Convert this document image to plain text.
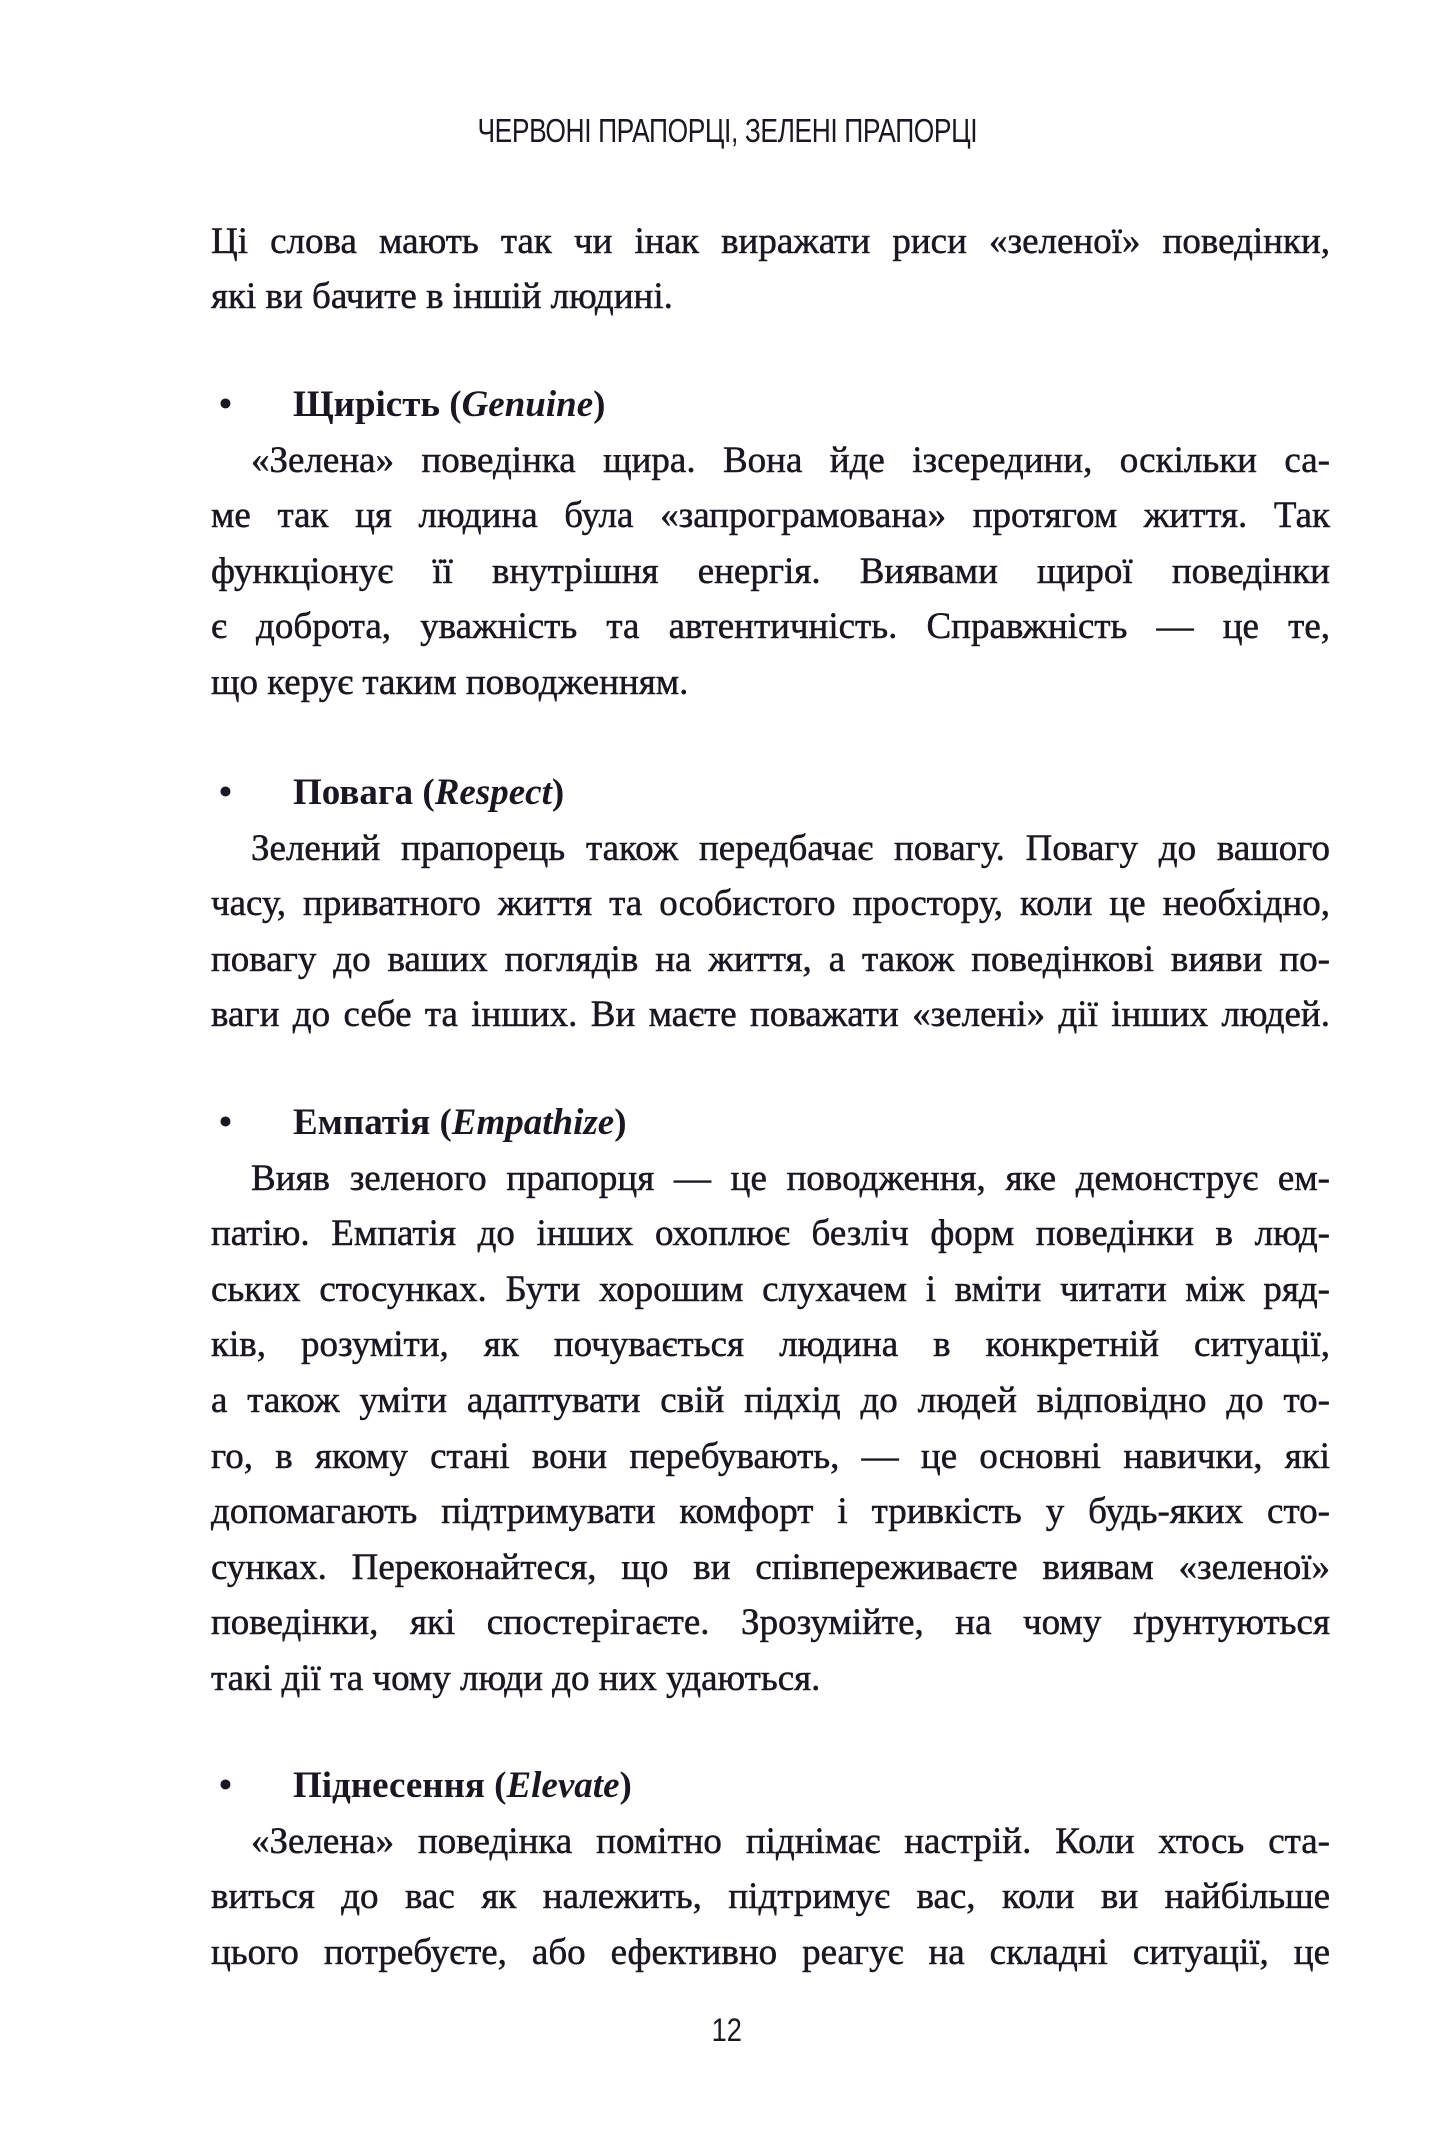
ЧЕРВОНІ ПРАПОРЦІ, ЗЕЛЕНІ ПРАПОРЦІ
Ці слова мають так чи інак виражати риси «зеленої» поведінки,
які ви бачите в іншій людині.
• Щирість (Genuine)
«Зелена» поведінка щира. Вона йде ізсередини, оскільки са-
ме так ця людина була «запрограмована» протягом життя. Так
функціонує її внутрішня енергія. Виявами щирої поведінки
є доброта, уважність та автентичність. Справжність — це те,
що керує таким поводженням.
• Повага (Respect)
Зелений прапорець також передбачає повагу. Повагу до вашого
часу, приватного життя та особистого простору, коли це необхідно,
повагу до ваших поглядів на життя, а також поведінкові вияви по-
ваги до себе та інших. Ви маєте поважати «зелені» дії інших людей.
• Емпатія (Empathize)
Вияв зеленого прапорця — це поводження, яке демонструє ем-
патію. Емпатія до інших охоплює безліч форм поведінки в люд-
ських стосунках. Бути хорошим слухачем і вміти читати між ряд-
ків, розуміти, як почувається людина в конкретній ситуації,
а також уміти адаптувати свій підхід до людей відповідно до то-
го, в якому стані вони перебувають, — це основні навички, які
допомагають підтримувати комфорт і тривкість у будь-яких сто-
сунках. Переконайтеся, що ви співпереживаєте виявам «зеленої»
поведінки, які спостерігаєте. Зрозумійте, на чому ґрунтуються
такі дії та чому люди до них удаються.
• Піднесення (Elevate)
«Зелена» поведінка помітно піднімає настрій. Коли хтось ста-
виться до вас як належить, підтримує вас, коли ви найбільше
цього потребуєте, або ефективно реагує на складні ситуації, це
12
